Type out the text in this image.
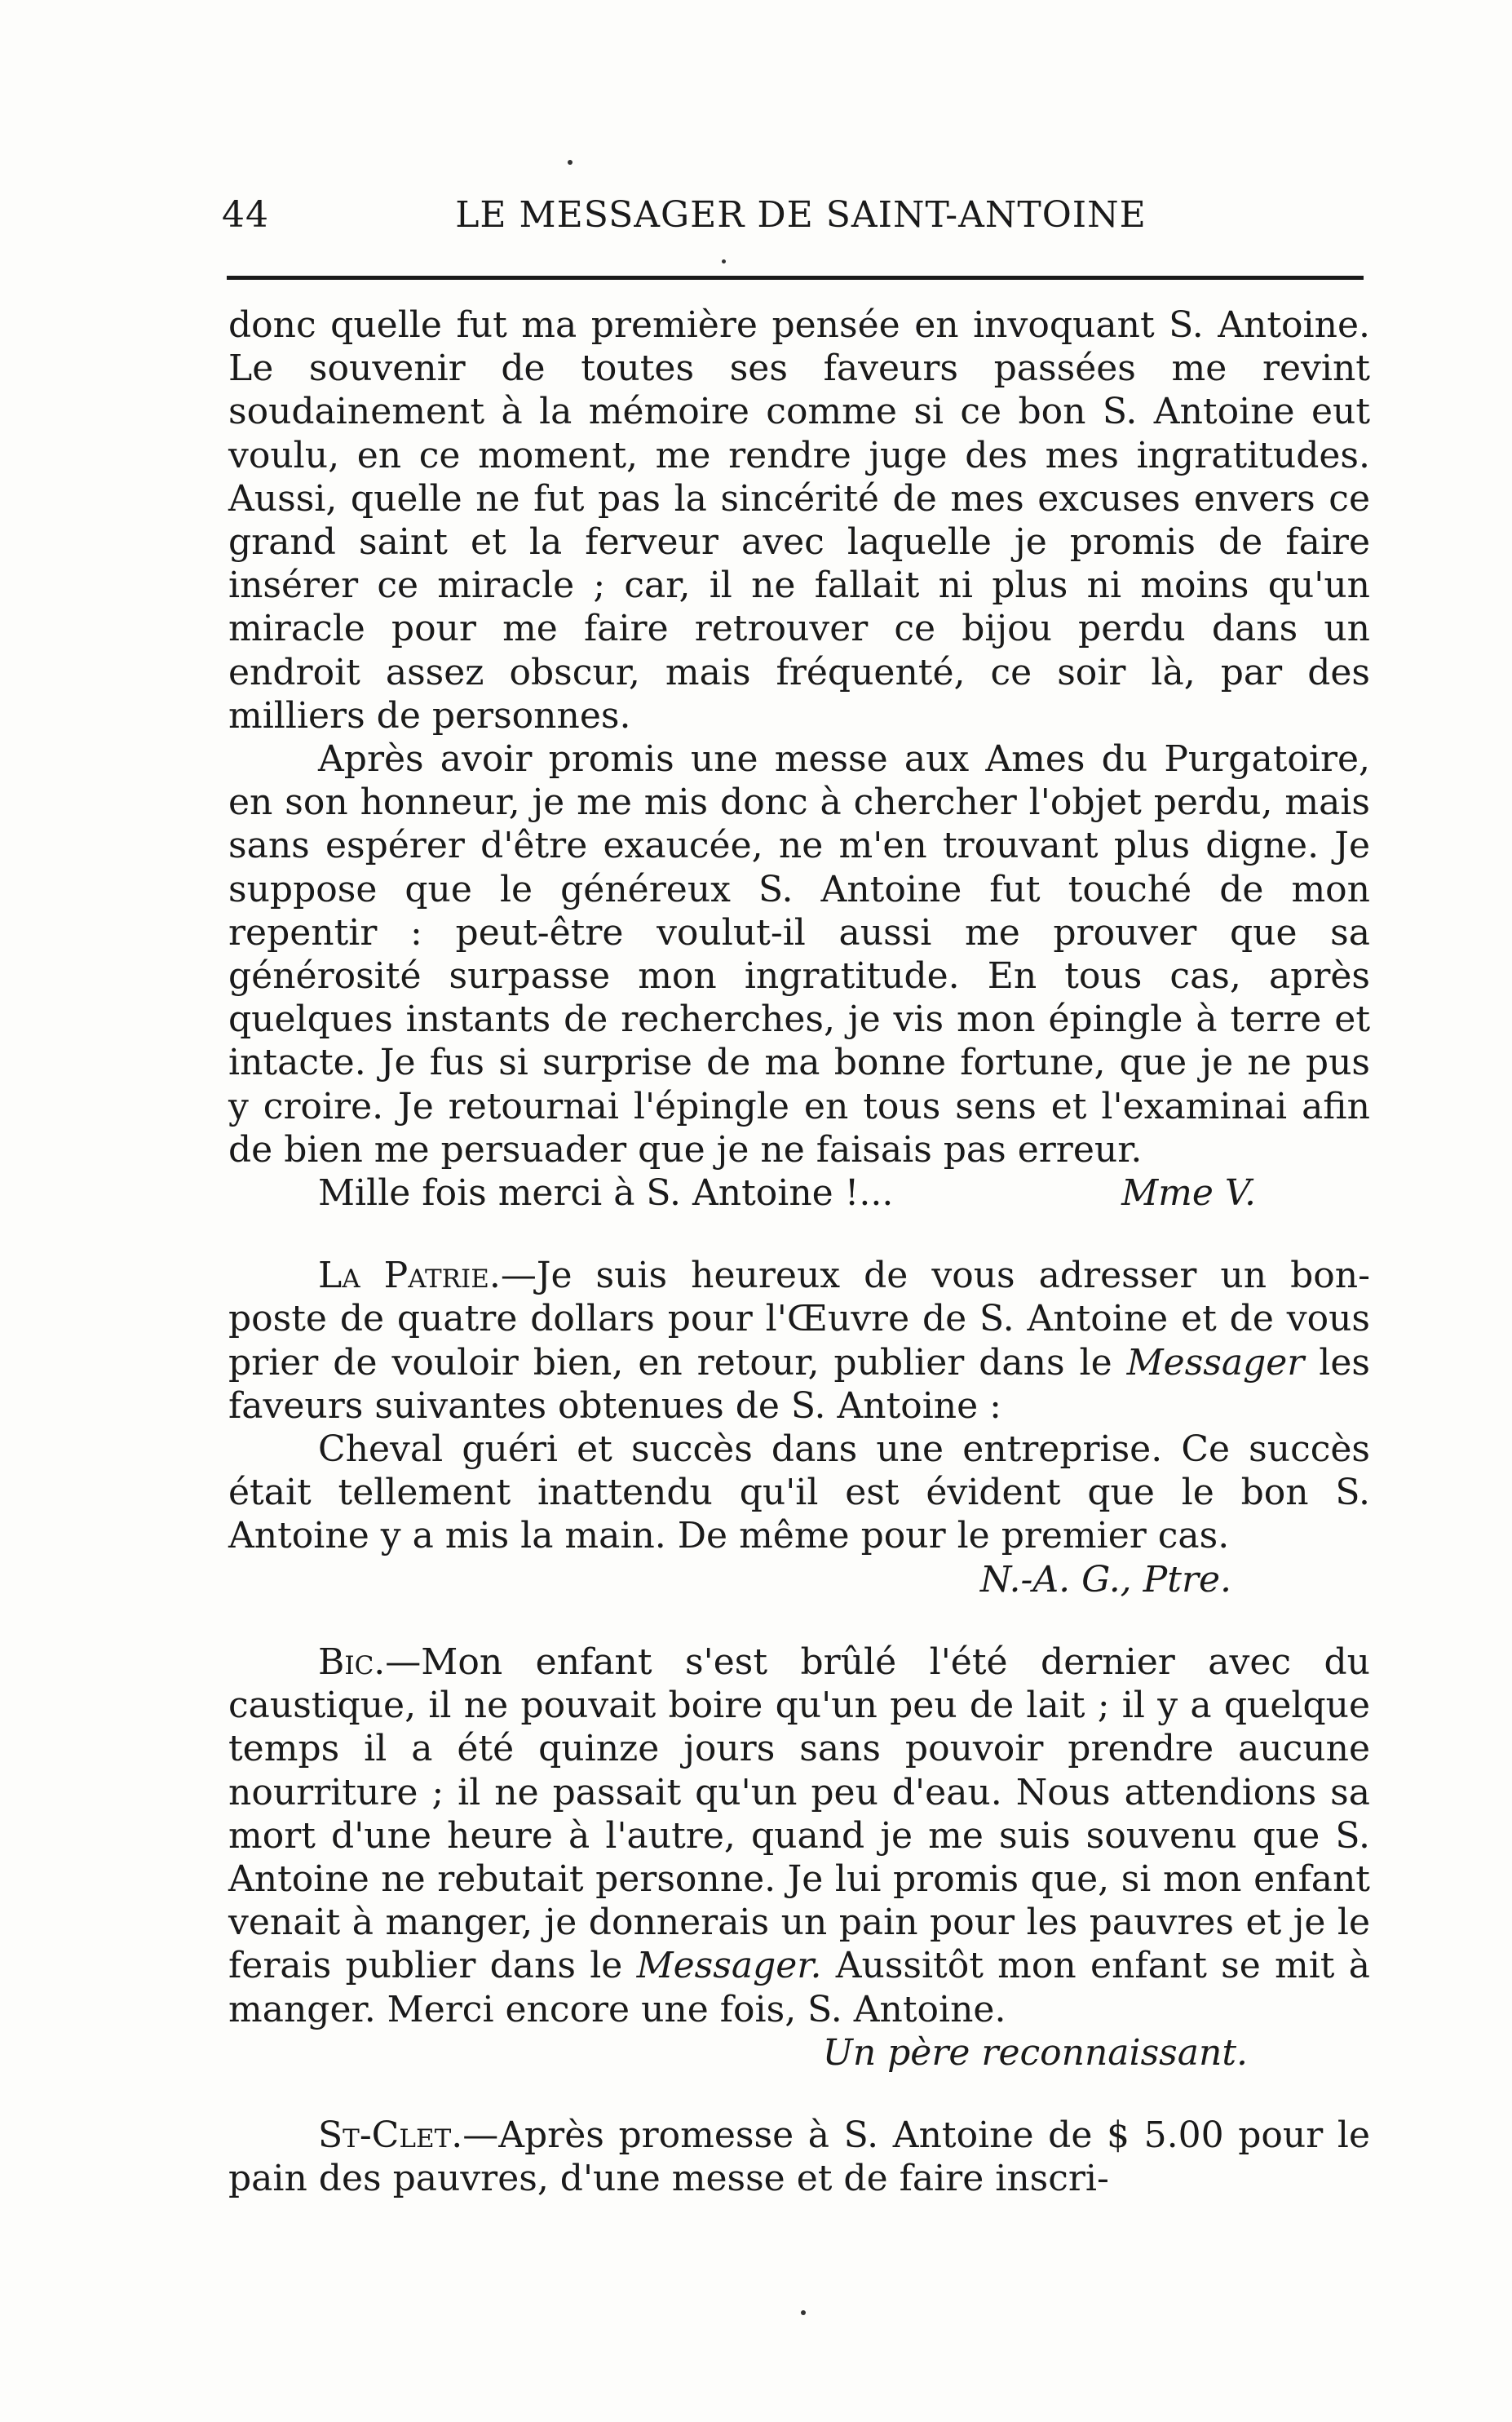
44	LE MESSAGER DE SAINT-ANTOINE

donc quelle fut ma première pensée en invoquant S. Antoine. Le souvenir de toutes ses faveurs passées me revint soudainement à la mémoire comme si ce bon S. Antoine eut voulu, en ce moment, me rendre juge des mes ingratitudes. Aussi, quelle ne fut pas la sincérité de mes excuses envers ce grand saint et la ferveur avec laquelle je promis de faire insérer ce miracle ; car, il ne fallait ni plus ni moins qu'un miracle pour me faire retrouver ce bijou perdu dans un endroit assez obscur, mais fréquenté, ce soir là, par des milliers de personnes.

Après avoir promis une messe aux Ames du Purgatoire, en son honneur, je me mis donc à chercher l'objet perdu, mais sans espérer d'être exaucée, ne m'en trouvant plus digne. Je suppose que le généreux S. Antoine fut touché de mon repentir : peut-être voulut-il aussi me prouver que sa générosité surpasse mon ingratitude. En tous cas, après quelques instants de recherches, je vis mon épingle à terre et intacte. Je fus si surprise de ma bonne fortune, que je ne pus y croire. Je retournai l'épingle en tous sens et l'examinai afin de bien me persuader que je ne faisais pas erreur.

Mille fois merci à S. Antoine !...	Mme V.

La Patrie.—Je suis heureux de vous adresser un bon-poste de quatre dollars pour l'Œuvre de S. Antoine et de vous prier de vouloir bien, en retour, publier dans le Messager les faveurs suivantes obtenues de S. Antoine :

Cheval guéri et succès dans une entreprise. Ce succès était tellement inattendu qu'il est évident que le bon S. Antoine y a mis la main. De même pour le premier cas.
N.-A. G., Ptre.

Bic.—Mon enfant s'est brûlé l'été dernier avec du caustique, il ne pouvait boire qu'un peu de lait ; il y a quelque temps il a été quinze jours sans pouvoir prendre aucune nourriture ; il ne passait qu'un peu d'eau. Nous attendions sa mort d'une heure à l'autre, quand je me suis souvenu que S. Antoine ne rebutait personne. Je lui promis que, si mon enfant venait à manger, je donnerais un pain pour les pauvres et je le ferais publier dans le Messager. Aussitôt mon enfant se mit à manger. Merci encore une fois, S. Antoine.
Un père reconnaissant.

St-Clet.—Après promesse à S. Antoine de $ 5.00 pour le pain des pauvres, d'une messe et de faire inscri-
